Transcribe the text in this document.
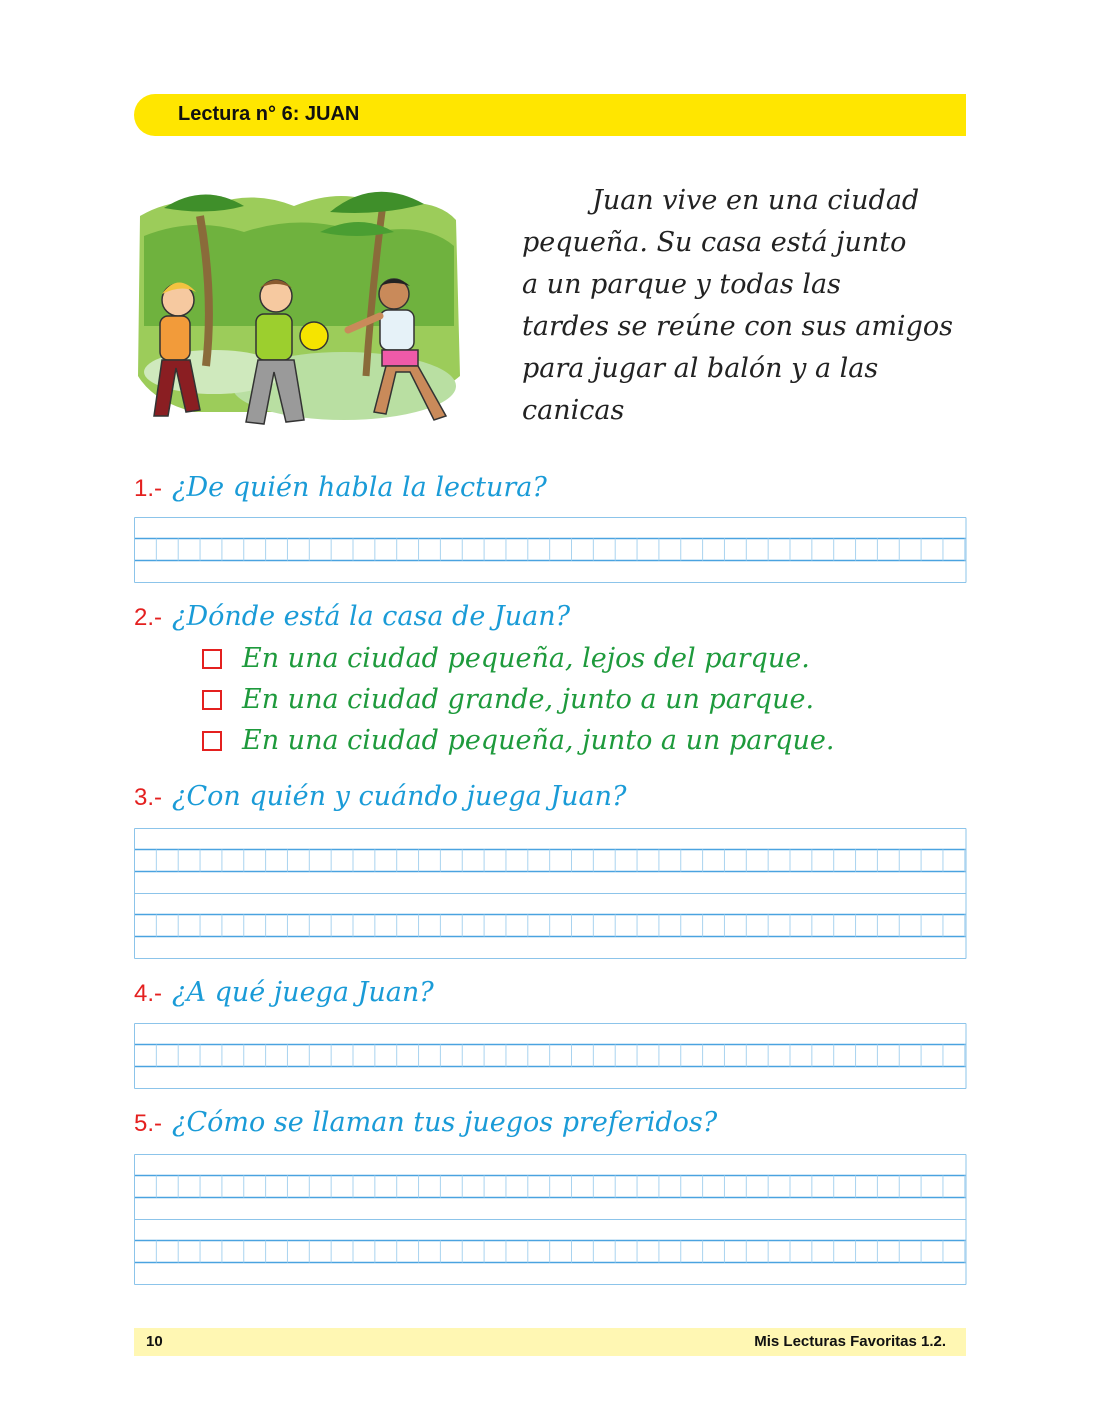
Lectura n° 6: JUAN

Juan vive en una ciudad

pequeña. Su casa está junto
a un parque y todas las
tardes se reúne con sus amigos
para jugar al balón y a las
canicas
1.- ¿De quién habla la lectura?
2.- ¿Dónde está la casa de Juan?
En una ciudad pequeña, lejos del parque.
En una ciudad grande, junto a un parque.
En una ciudad pequeña, junto a un parque.
3.- ¿Con quién y cuándo juega Juan?
4.- ¿A qué juega Juan?
5.- ¿Cómo se llaman tus juegos preferidos?
10	Mis Lecturas Favoritas 1.2.
